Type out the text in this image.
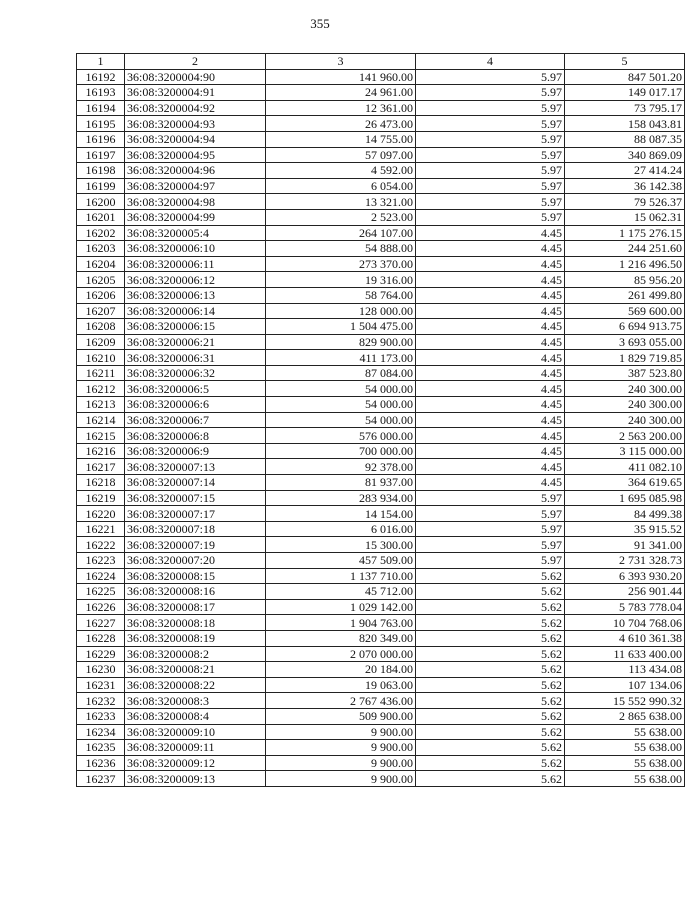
355
1	2	3	4	5
16192	36:08:3200004:90	141 960.00	5.97	847 501.20
16193	36:08:3200004:91	24 961.00	5.97	149 017.17
16194	36:08:3200004:92	12 361.00	5.97	73 795.17
16195	36:08:3200004:93	26 473.00	5.97	158 043.81
16196	36:08:3200004:94	14 755.00	5.97	88 087.35
16197	36:08:3200004:95	57 097.00	5.97	340 869.09
16198	36:08:3200004:96	4 592.00	5.97	27 414.24
16199	36:08:3200004:97	6 054.00	5.97	36 142.38
16200	36:08:3200004:98	13 321.00	5.97	79 526.37
16201	36:08:3200004:99	2 523.00	5.97	15 062.31
16202	36:08:3200005:4	264 107.00	4.45	1 175 276.15
16203	36:08:3200006:10	54 888.00	4.45	244 251.60
16204	36:08:3200006:11	273 370.00	4.45	1 216 496.50
16205	36:08:3200006:12	19 316.00	4.45	85 956.20
16206	36:08:3200006:13	58 764.00	4.45	261 499.80
16207	36:08:3200006:14	128 000.00	4.45	569 600.00
16208	36:08:3200006:15	1 504 475.00	4.45	6 694 913.75
16209	36:08:3200006:21	829 900.00	4.45	3 693 055.00
16210	36:08:3200006:31	411 173.00	4.45	1 829 719.85
16211	36:08:3200006:32	87 084.00	4.45	387 523.80
16212	36:08:3200006:5	54 000.00	4.45	240 300.00
16213	36:08:3200006:6	54 000.00	4.45	240 300.00
16214	36:08:3200006:7	54 000.00	4.45	240 300.00
16215	36:08:3200006:8	576 000.00	4.45	2 563 200.00
16216	36:08:3200006:9	700 000.00	4.45	3 115 000.00
16217	36:08:3200007:13	92 378.00	4.45	411 082.10
16218	36:08:3200007:14	81 937.00	4.45	364 619.65
16219	36:08:3200007:15	283 934.00	5.97	1 695 085.98
16220	36:08:3200007:17	14 154.00	5.97	84 499.38
16221	36:08:3200007:18	6 016.00	5.97	35 915.52
16222	36:08:3200007:19	15 300.00	5.97	91 341.00
16223	36:08:3200007:20	457 509.00	5.97	2 731 328.73
16224	36:08:3200008:15	1 137 710.00	5.62	6 393 930.20
16225	36:08:3200008:16	45 712.00	5.62	256 901.44
16226	36:08:3200008:17	1 029 142.00	5.62	5 783 778.04
16227	36:08:3200008:18	1 904 763.00	5.62	10 704 768.06
16228	36:08:3200008:19	820 349.00	5.62	4 610 361.38
16229	36:08:3200008:2	2 070 000.00	5.62	11 633 400.00
16230	36:08:3200008:21	20 184.00	5.62	113 434.08
16231	36:08:3200008:22	19 063.00	5.62	107 134.06
16232	36:08:3200008:3	2 767 436.00	5.62	15 552 990.32
16233	36:08:3200008:4	509 900.00	5.62	2 865 638.00
16234	36:08:3200009:10	9 900.00	5.62	55 638.00
16235	36:08:3200009:11	9 900.00	5.62	55 638.00
16236	36:08:3200009:12	9 900.00	5.62	55 638.00
16237	36:08:3200009:13	9 900.00	5.62	55 638.00
